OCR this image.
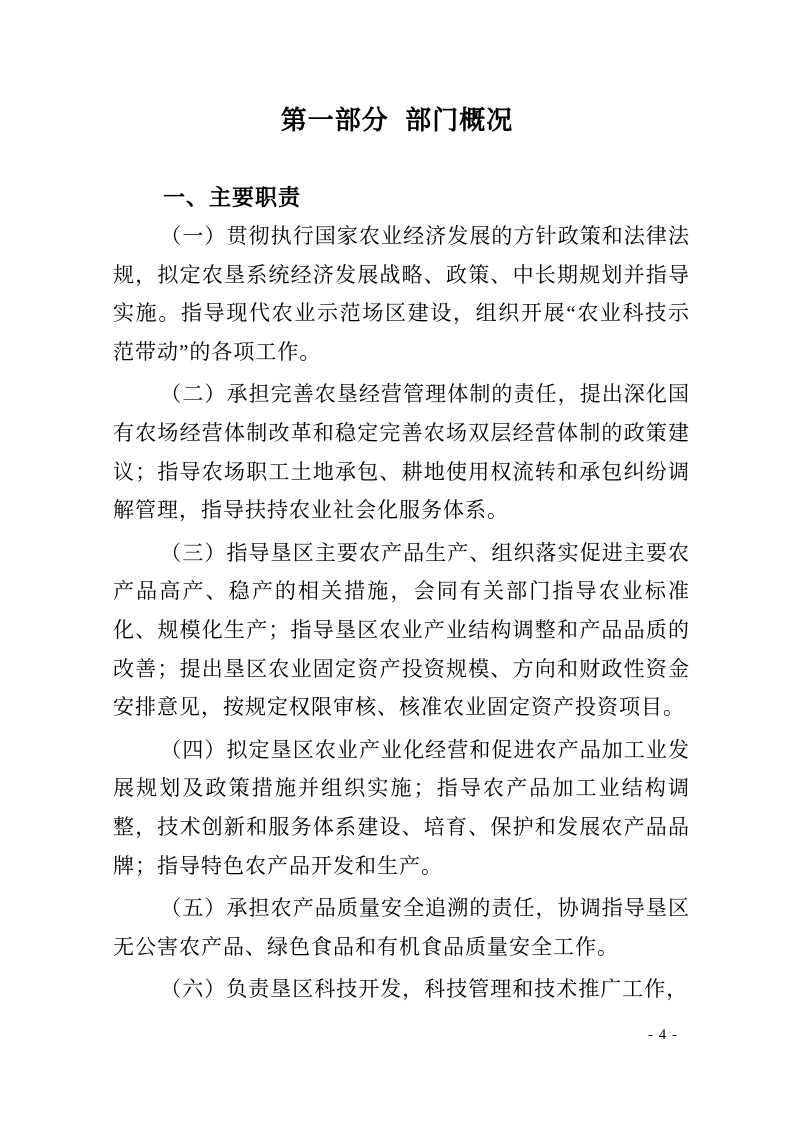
第一部分  部门概况
一、主要职责

（一）贯彻执行国家农业经济发展的方针政策和法律法规，拟定农垦系统经济发展战略、政策、中长期规划并指导实施。指导现代农业示范场区建设，组织开展“农业科技示范带动”的各项工作。

（二）承担完善农垦经营管理体制的责任，提出深化国有农场经营体制改革和稳定完善农场双层经营体制的政策建议；指导农场职工土地承包、耕地使用权流转和承包纠纷调解管理，指导扶持农业社会化服务体系。

（三）指导垦区主要农产品生产、组织落实促进主要农产品高产、稳产的相关措施，会同有关部门指导农业标准化、规模化生产；指导垦区农业产业结构调整和产品品质的改善；提出垦区农业固定资产投资规模、方向和财政性资金安排意见，按规定权限审核、核准农业固定资产投资项目。

（四）拟定垦区农业产业化经营和促进农产品加工业发展规划及政策措施并组织实施；指导农产品加工业结构调整，技术创新和服务体系建设、培育、保护和发展农产品品牌；指导特色农产品开发和生产。

（五）承担农产品质量安全追溯的责任，协调指导垦区无公害农产品、绿色食品和有机食品质量安全工作。

（六）负责垦区科技开发，科技管理和技术推广工作，

- 4 -
